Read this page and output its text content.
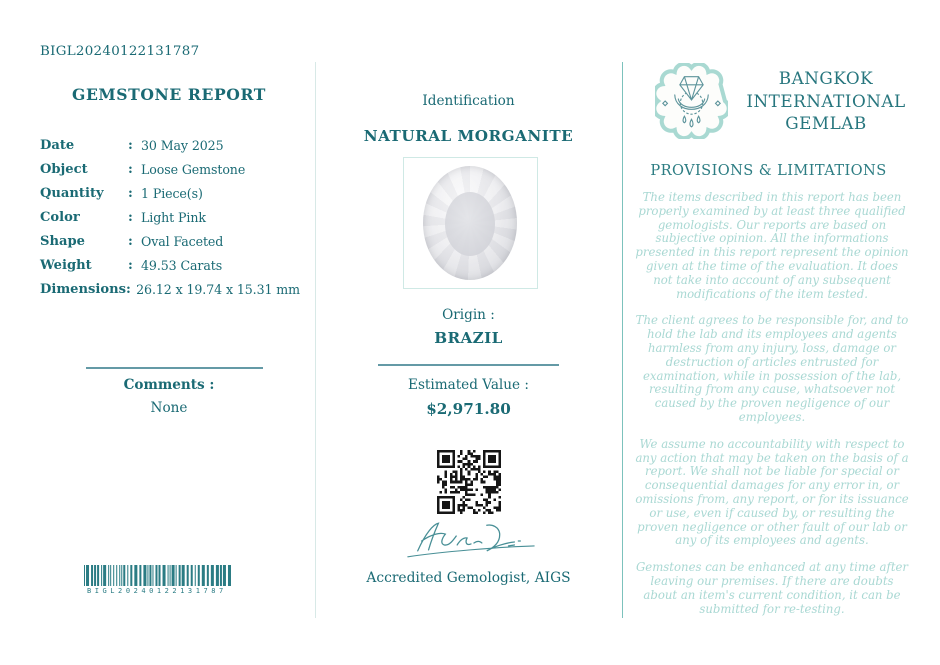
BIGL20240122131787
GEMSTONE REPORT
Date	: 30 May 2025
Object	: Loose Gemstone
Quantity	: 1 Piece(s)
Color	: Light Pink
Shape	: Oval Faceted
Weight	: 49.53 Carats
Dimensions : 26.12 x 19.74 x 15.31 mm
Comments :
None
BIGL20240122131787
Identification
NATURAL MORGANITE
Origin :
BRAZIL
Estimated Value :
$2,971.80
Accredited Gemologist, AIGS
BANGKOK
INTERNATIONAL
GEMLAB
PROVISIONS & LIMITATIONS

The items described in this report has been properly examined by at least three qualified gemologists. Our reports are based on subjective opinion. All the informations presented in this report represent the opinion given at the time of the evaluation. It does not take into account of any subsequent modifications of the item tested.

The client agrees to be responsible for, and to hold the lab and its employees and agents harmless from any injury, loss, damage or destruction of articles entrusted for examination, while in possession of the lab, resulting from any cause, whatsoever not caused by the proven negligence of our employees.

We assume no accountability with respect to any action that may be taken on the basis of a report. We shall not be liable for special or consequential damages for any error in, or omissions from, any report, or for its issuance or use, even if caused by, or resulting the proven negligence or other fault of our lab or any of its employees and agents.

Gemstones can be enhanced at any time after leaving our premises. If there are doubts about an item's current condition, it can be submitted for re-testing.
